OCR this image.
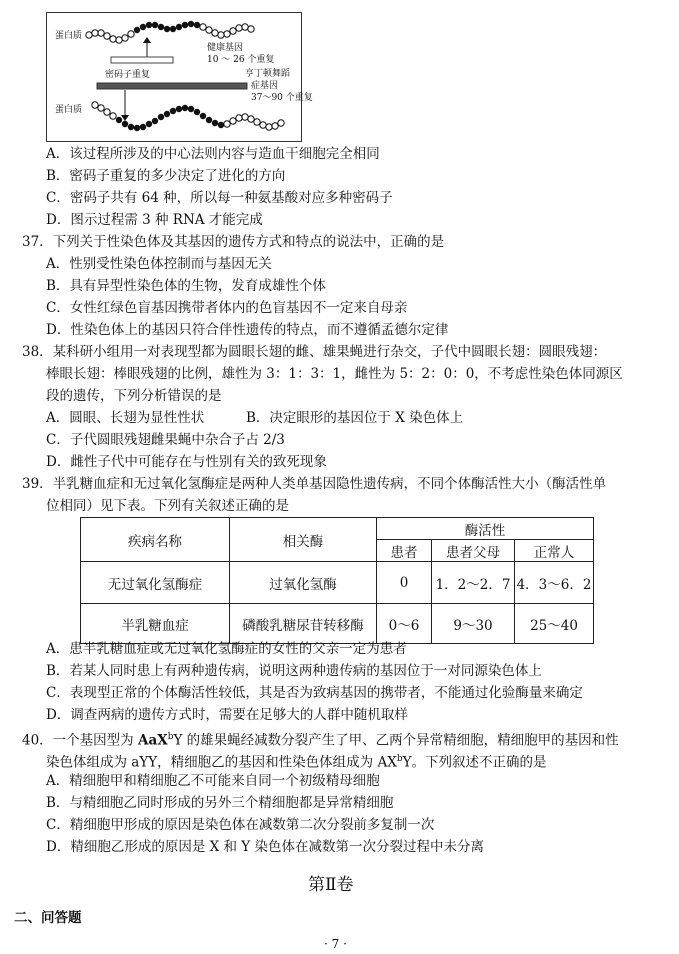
蛋白质
蛋白质
健康基因
10 ～ 26 个重复
密码子重复	亨丁顿舞蹈
症基因
37～90 个重复
A．该过程所涉及的中心法则内容与造血干细胞完全相同
B．密码子重复的多少决定了进化的方向
C．密码子共有 64 种，所以每一种氨基酸对应多种密码子
D．图示过程需 3 种 RNA 才能完成
37．下列关于性染色体及其基因的遗传方式和特点的说法中，正确的是
A．性别受性染色体控制而与基因无关
B．具有异型性染色体的生物，发育成雄性个体
C．女性红绿色盲基因携带者体内的色盲基因不一定来自母亲
D．性染色体上的基因只符合伴性遗传的特点，而不遵循孟德尔定律
38．某科研小组用一对表现型都为圆眼长翅的雌、雄果蝇进行杂交，子代中圆眼长翅：圆眼残翅：
棒眼长翅：棒眼残翅的比例，雄性为 3：1：3：1，雌性为 5：2：0：0，不考虑性染色体同源区
段的遗传，下列分析错误的是
A．圆眼、长翅为显性性状	B．决定眼形的基因位于 X 染色体上
C．子代圆眼残翅雌果蝇中杂合子占 2/3
D．雌性子代中可能存在与性别有关的致死现象
39．半乳糖血症和无过氧化氢酶症是两种人类单基因隐性遗传病，不同个体酶活性大小（酶活性单
位相同）见下表。下列有关叙述正确的是
疾病名称	相关酶	酶活性		
		患者	患者父母	正常人
无过氧化氢酶症	过氧化氢酶	0	1．2～2．7	4．3～6．2
半乳糖血症	磷酸乳糖尿苷转移酶	0～6	9～30	25～40
A．患半乳糖血症或无过氧化氢酶症的女性的父亲一定为患者
B．若某人同时患上有两种遗传病，说明这两种遗传病的基因位于一对同源染色体上
C．表现型正常的个体酶活性较低，其是否为致病基因的携带者，不能通过化验酶量来确定
D．调查两病的遗传方式时，需要在足够大的人群中随机取样
40．一个基因型为 AaX$^b$Y 的雄果蝇经减数分裂产生了甲、乙两个异常精细胞，精细胞甲的基因和性
染色体组成为 aYY，精细胞乙的基因和性染色体组成为 $AX^bY$。下列叙述不正确的是
A．精细胞甲和精细胞乙不可能来自同一个初级精母细胞
B．与精细胞乙同时形成的另外三个精细胞都是异常精细胞
C．精细胞甲形成的原因是染色体在减数第二次分裂前多复制一次
D．精细胞乙形成的原因是 X 和 Y 染色体在减数第一次分裂过程中未分离
第Ⅱ卷
二、问答题
· 7 ·
